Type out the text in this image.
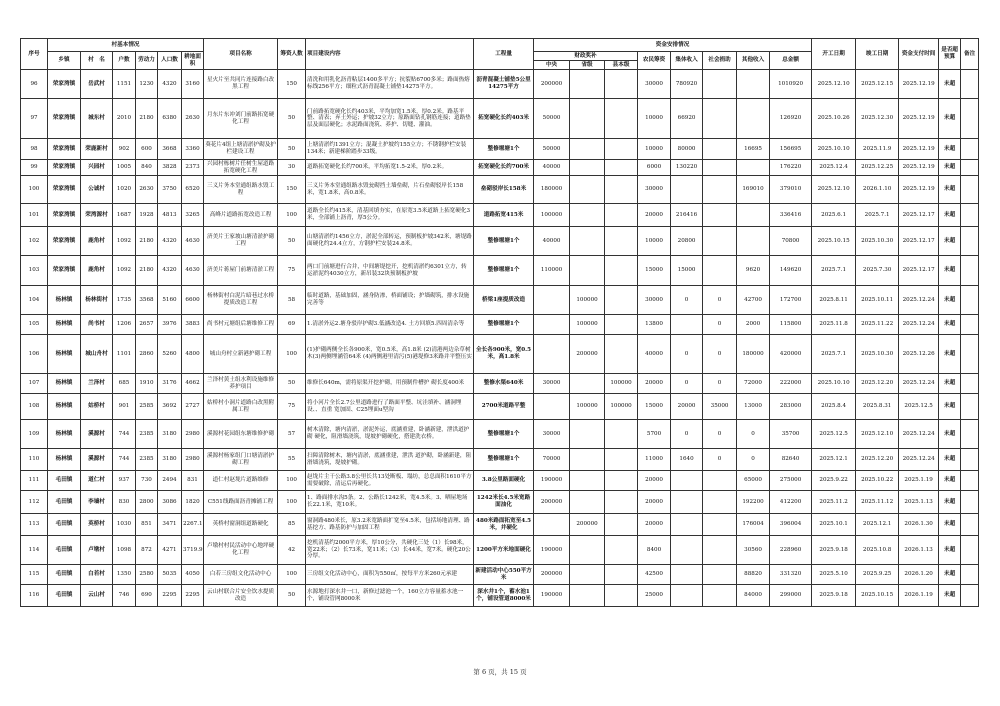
序号	村基本情况						项目名称	筹资人数	项目建设内容	工程量	资金安排情况								开工日期	竣工日期	资金支付时间	是否超预算	备注
	乡镇	村　名	户数	劳动力	人口数	耕地面积					财政奖补			农民筹资	集体收入	社会捐助	其他收入	总金额					
											中央	省级	县本级										
96	荣家湾镇	岳武村	1151	1230	4320	3160	星火片至共同片连接路白改黑工程	150	清洗和用乳化沥青粘层1400多平方；抗裂贴6700多米；路面热熔标线256平方；细粒式沥青混凝土铺垫14275平方。	沥青混凝土铺垫5公里14275平方	200000			30000	780920			1010920	2025.12.10	2025.12.15	2025.12.19	未超	
97	荣家湾镇	城东村	2010	2180	6380	2630	月东片东冲刘门前路拓宽硬化工程	50	门前路拓宽硬化长约403米，平均加宽1.5米，厚0.2米。路基平整、清表；弃土外运；护坡32立方；原路面钻孔钢筋连接；道路垫层及面层硬化；水泥路面浇筑、养护、切缝、灌油。	拓宽硬化长约403米	50000			10000	66920			126920	2025.10.26	2025.12.30	2025.12.19	未超	
98	荣家湾镇	荣鹿新村	902	600	3668	3360	葵花片4组上塘清淤护砌及护栏建设工程	50	上塘清淤约1391立方；混凝土护坡约155立方；不锈钢护栏安装134米；新建梯阶踏步33级。	整修堰塘1个	50000			10000	80000		16695	156695	2025.10.10	2025.11.9	2025.12.19	未超	
99	荣家湾镇	兴园村	1005	840	3828	2373	兴园村栋树片任树生屋道路拓宽硬化工程	30	道路拓宽硬化长约700米，平均拓宽1.5-2米，厚0.2米。	拓宽硬化长约700米	40000			6000	130220			176220	2025.12.4	2025.12.25	2025.12.19	未超	
100	荣家湾镇	公诚村	1020	2630	3750	6520	三义片务本堂通组路水毁工程	150	三义片务本堂通组路水毁瓮砌挡土墙垒砌，片石垒砌驳岸长158米，宽1.8米，高0.8米。	垒砌驳岸长158米	180000			30000			169010	379010	2025.12.10	2026.1.10	2025.12.19	未超	
101	荣家湾镇	荣湾源村	1687	1928	4813	3265	高峰片道路拓宽改造工程	100	道路全长约415米，清基回填夯实，在原宽3.5米道路上拓宽硬化3米，全部铺上沥青，厚5公分。	道路拓宽415米	100000			20000	216416			336416	2025.6.1	2025.7.1	2025.12.17	未超	
102	荣家湾镇	鹿角村	1092	2180	4320	4630	济美片王家坡山塘清淤护砌工程	50	山塘清淤约1456立方，淤泥全部转运，预制板护坡342米，塘堤路面硬化约24.4立方，方钢护栏安装24.8米。	整修堰塘1个	40000			10000	20800			70800	2025.10.15	2025.10.30	2025.12.17	未超	
103	荣家湾镇	鹿角村	1092	2180	4320	4630	济美片蒋屋门前塘清淤工程	75	两口门前塘进行合并，中间塘堤挖开，挖机清淤约6301立方，转运淤泥约4030立方，新吊装32块预制板护坡	整修堰塘1个	110000			15000	15000		9620	149620	2025.7.1	2025.7.30	2025.12.17	未超	
104	杨林镇	杨林街村	1735	3568	5160	6600	杨林街村白泥片暗巷过水桥提质改造工程	58	临时道路，基础加固，涵身防渗，桥面铺设；护墙砌筑，排水设施完善等	桥梁1座提质改造		100000		30000	0	0	42700	172700	2025.8.11	2025.10.11	2025.12.24	未超	
105	杨林镇	尚书村	1206	2657	3976	3883	尚书村元塘组后塘维修工程	69	1.清淤外运2.塘身驳岸护砌3.低涵改造4. 土方回填5.四周清杂等	整修堰塘1个		100000		13800		0	2000	115800	2025.11.8	2025.11.22	2025.12.24	未超	
106	杨林镇	城山舟村	1101	2860	5260	4800	城山舟村立新港护砌工程	100	(1)护砌两侧全长各900米，宽0.5米，高1.8米 (2)清港两边杂草树木(3)两侧埋涵管64米 (4)两侧港里清污(5)港堤修3米路并平整压实	全长各900米，宽0.5米，高1.8米		200000		40000	0	0	180000	420000	2025.7.1	2025.10.30	2025.12.26	未超	
107	杨林镇	兰泽村	685	1910	3176	4662	兰泽村黄土组水利设施维修养护项目	50	维修长640m，需将原渠开挖护砌，用预制件槽护 砌长度400米	整修水渠640米	30000		100000	20000	0	0	72000	222000	2025.10.10	2025.12.20	2025.12.24	未超	
108	杨林镇	姑桥村	901	2585	3692	2727	姑桥村小洞片道路白改黑附属工程	75	将小河片全长2.7公里道路进行了路面平整、坑洼填补、涵洞埋设、、直重 宽加固、C25埋面u型沟	2700米道路平整		100000	100000	15000	20000	35000	13000	283000	2025.8.4	2025.8.31	2025.12.5	未超	
109	杨林镇	溪源村	744	2385	3180	2980	溪源村花园组东塘维修护砌	57	树木清除，塘内清淤，淤泥外运，底涵重建，卧涵新建，泄洪道护砌 硬化，阻滑墙浇筑，堤坡护砌硬化，搭建洗衣桥。	整修堰塘1个	30000			5700	0	0	0	35700	2025.12.5	2025.12.10	2025.12.24	未超	
110	杨林镇	溪源村	744	2385	3180	2980	溪源村杨家组门口塘清淤护砌工程	55	扫障清除树木，塘内清淤，底涵重建，泄洪 道护砌，卧涵新建，阻滑墙浇筑，堤坡护砌。	整修堰塘1个	70000			11000	1640	0	0	82640	2025.12.1	2025.12.20	2025.12.24	未超	
111	毛田镇	道仁村	937	730	2494	831	道仁村赵垅片道路维修	100	赵垅片主干公路3.8公里长共13处断板、塌坊，总总面积1610平方需要破除，清运后再硬化。	3.8公里路面硬化	190000			20000			65000	275000	2025.9.22	2025.10.22	2025.1.19	未超	
112	毛田镇	李墙村	830	2800	3086	1820	C551线路面沥青摊铺工程	100	1、路面排水沟5条。2、公路长1242米，宽4.5米。3、晒屋地场长22.1米，宽10米。	1242米长4.5米宽路面油化	200000			20000			192200	412200	2025.11.2	2025.11.12	2025.1.13	未超	
113	毛田镇	英桥村	1030	851	3471	2267.1	英桥村窗洞组道路硬化	85	窗洞路480米长，原3.2米宽路面扩宽至4.5米，包括场地清理、路基挖方、路基防护与加固工程	480米路面拓宽至4.5米，并硬化		200000		20000			176004	396004	2025.10.1	2025.12.1	2026.1.30	未超	
114	毛田镇	卢墩村	1098	872	4271	3719.9	卢墩村村民活动中心地坪硬化工程	42	挖机清基约2000平方米，厚10公分，共硬化三处（1）长98米，宽22米；（2）长73米，宽11米；（3）长44米，宽7米。硬化20公分厚。	1200平方米地面硬化	190000			8400			30560	228960	2025.9.18	2025.10.8	2026.1.13	未超	
115	毛田镇	白若村	1350	2580	5035	4050	白若三房组文化活动中心	100	三房组文化活动中心，面积为550㎡，按每平方米260元承建	新建活动中心550平方米	200000			42500			88820	331320	2025.5.10	2025.9.25	2026.1.20	未超	
116	毛田镇	云山村	746	690	2295	2295	云山村联合片安全饮水提质改造	50	水源地打深水井一口，新修过滤池一个，160立方容量蓄水池一个，铺设管网8000米	深水井1个，蓄水池1个，铺设管道8000米	190000			25000			84000	299000	2025.9.18	2025.10.15	2026.1.19	未超	
第 6 页，共 15 页
